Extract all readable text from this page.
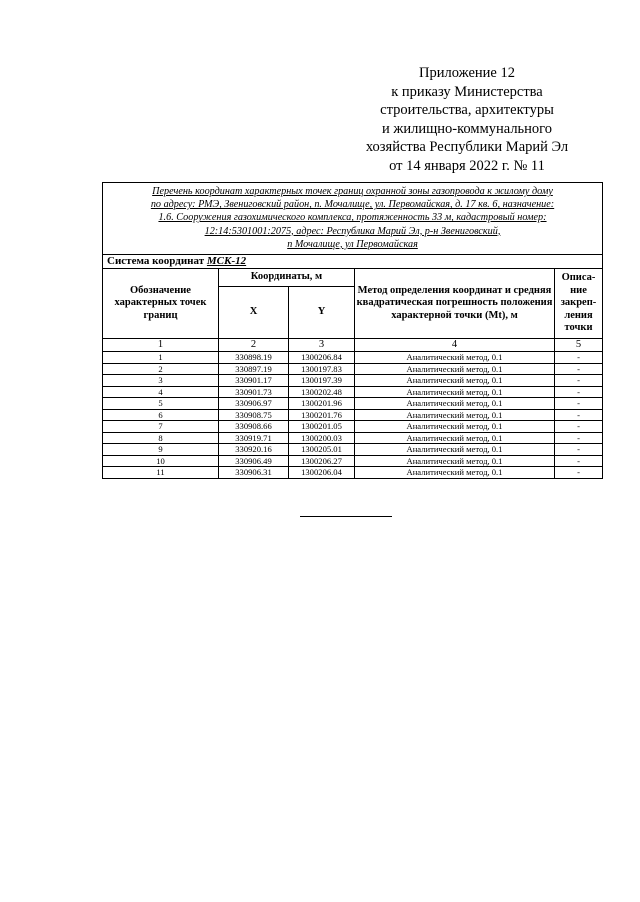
Приложение 12
к приказу Министерства
строительства, архитектуры
и жилищно-коммунального
хозяйства Республики Марий Эл
от 14 января 2022 г. № 11
Перечень координат характерных точек границ охранной зоны газопровода к жилому дому
по адресу: РМЭ, Звениговский район, п. Мочалище, ул. Первомайская, д. 17 кв. 6, назначение:
1.6. Сооружения газохимического комплекса, протяженность 33 м, кадастровый номер:
12:14:5301001:2075, адрес: Республика Марий Эл, р-н Звениговский,
п Мочалище, ул Первомайская				

Система координат МСК-12				
Обозначение характерных точек границ	Координаты, м		Метод определения координат и средняя квадратическая погрешность положения характерной точки (Mt), м	Описа-ние закреп-ления точки
	X	Y		
1	2	3	4	5
1	330898.19	1300206.84	Аналитический метод, 0.1	-
2	330897.19	1300197.83	Аналитический метод, 0.1	-
3	330901.17	1300197.39	Аналитический метод, 0.1	-
4	330901.73	1300202.48	Аналитический метод, 0.1	-
5	330906.97	1300201.96	Аналитический метод, 0.1	-
6	330908.75	1300201.76	Аналитический метод, 0.1	-
7	330908.66	1300201.05	Аналитический метод, 0.1	-
8	330919.71	1300200.03	Аналитический метод, 0.1	-
9	330920.16	1300205.01	Аналитический метод, 0.1	-
10	330906.49	1300206.27	Аналитический метод, 0.1	-
11	330906.31	1300206.04	Аналитический метод, 0.1	-
